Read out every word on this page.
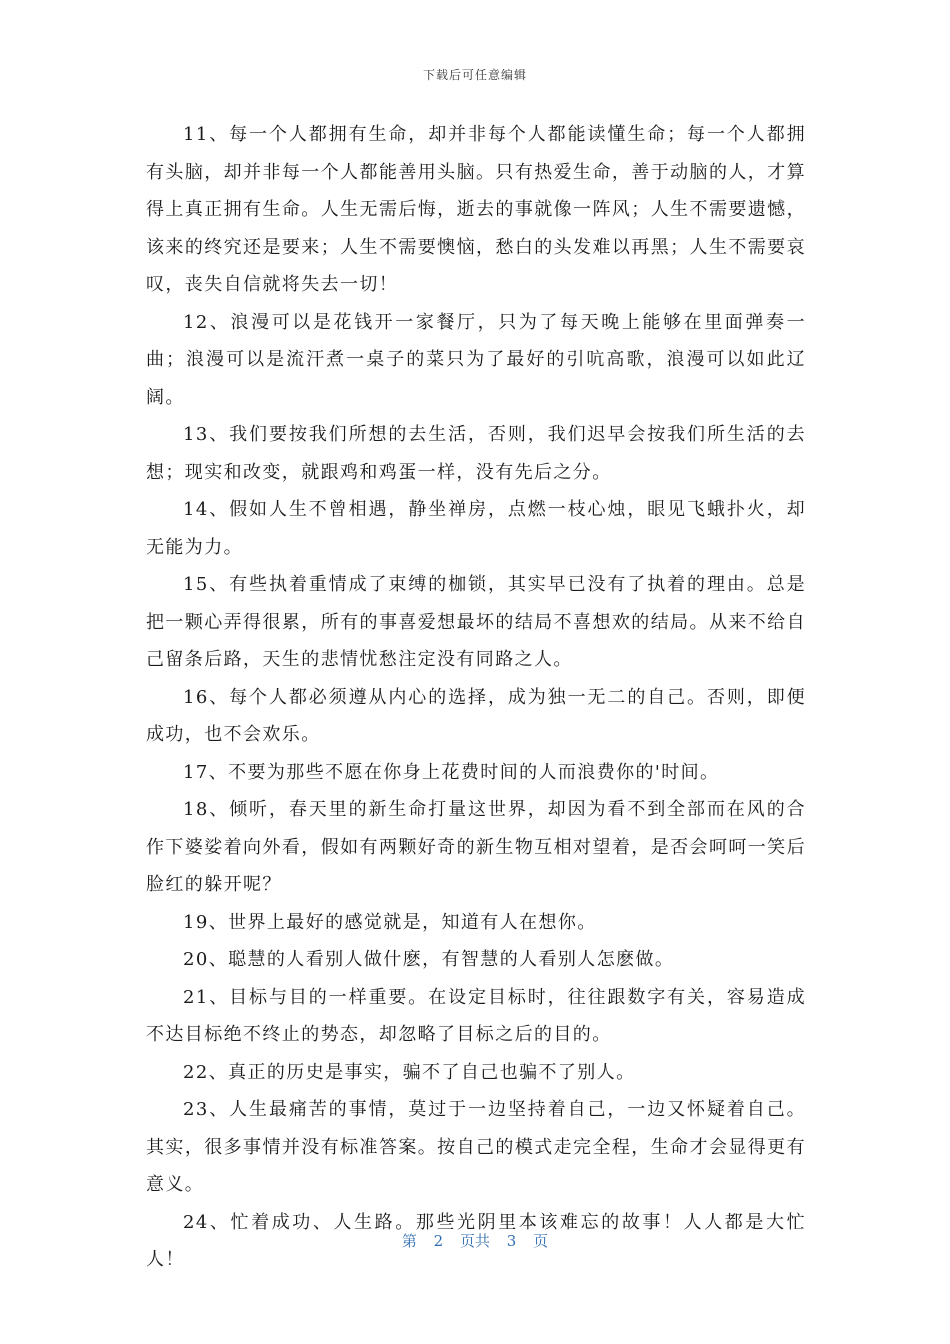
下载后可任意编辑

11、每一个人都拥有生命，却并非每个人都能读懂生命；每一个人都拥有头脑，却并非每一个人都能善用头脑。只有热爱生命，善于动脑的人，才算得上真正拥有生命。人生无需后悔，逝去的事就像一阵风；人生不需要遗憾，该来的终究还是要来；人生不需要懊恼，愁白的头发难以再黑；人生不需要哀叹，丧失自信就将失去一切！

12、浪漫可以是花钱开一家餐厅，只为了每天晚上能够在里面弹奏一曲；浪漫可以是流汗煮一桌子的菜只为了最好的引吭高歌，浪漫可以如此辽阔。

13、我们要按我们所想的去生活，否则，我们迟早会按我们所生活的去想；现实和改变，就跟鸡和鸡蛋一样，没有先后之分。

14、假如人生不曾相遇，静坐禅房，点燃一枝心烛，眼见飞蛾扑火，却无能为力。

15、有些执着重情成了束缚的枷锁，其实早已没有了执着的理由。总是把一颗心弄得很累，所有的事喜爱想最坏的结局不喜想欢的结局。从来不给自己留条后路，天生的悲情忧愁注定没有同路之人。

16、每个人都必须遵从内心的选择，成为独一无二的自己。否则，即便成功，也不会欢乐。

17、不要为那些不愿在你身上花费时间的人而浪费你的'时间。

18、倾听，春天里的新生命打量这世界，却因为看不到全部而在风的合作下婆娑着向外看，假如有两颗好奇的新生物互相对望着，是否会呵呵一笑后脸红的躲开呢？

19、世界上最好的感觉就是，知道有人在想你。

20、聪慧的人看别人做什麽，有智慧的人看别人怎麽做。

21、目标与目的一样重要。在设定目标时，往往跟数字有关，容易造成不达目标绝不终止的势态，却忽略了目标之后的目的。

22、真正的历史是事实，骗不了自己也骗不了别人。

23、人生最痛苦的事情，莫过于一边坚持着自己，一边又怀疑着自己。其实，很多事情并没有标准答案。按自己的模式走完全程，生命才会显得更有意义。

24、忙着成功、人生路。那些光阴里本该难忘的故事！人人都是大忙人！

第 2 页共 3 页
